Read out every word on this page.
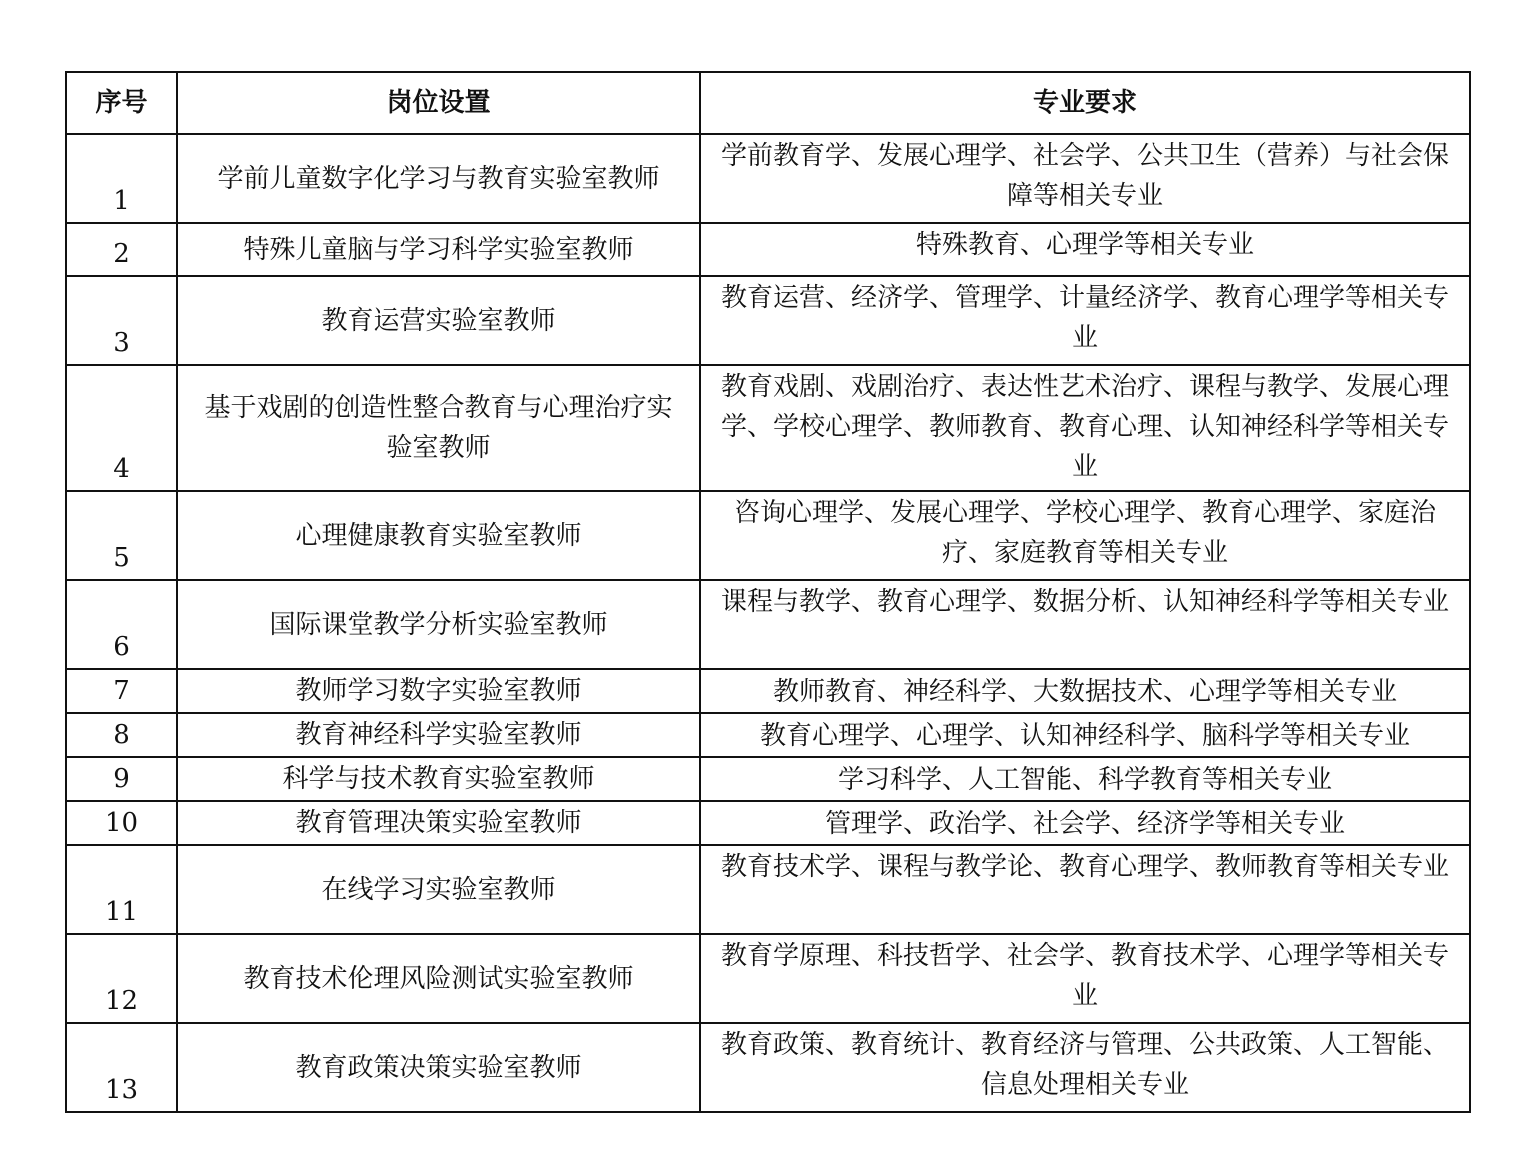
序号	岗位设置	专业要求
1	学前儿童数字化学习与教育实验室教师	学前教育学、发展心理学、社会学、公共卫生（营养）与社会保障等相关专业
2	特殊儿童脑与学习科学实验室教师	特殊教育、心理学等相关专业
3	教育运营实验室教师	教育运营、经济学、管理学、计量经济学、教育心理学等相关专业
4	基于戏剧的创造性整合教育与心理治疗实验室教师	教育戏剧、戏剧治疗、表达性艺术治疗、课程与教学、发展心理学、学校心理学、教师教育、教育心理、认知神经科学等相关专业
5	心理健康教育实验室教师	咨询心理学、发展心理学、学校心理学、教育心理学、家庭治疗、家庭教育等相关专业
6	国际课堂教学分析实验室教师	课程与教学、教育心理学、数据分析、认知神经科学等相关专业
7	教师学习数字实验室教师	教师教育、神经科学、大数据技术、心理学等相关专业
8	教育神经科学实验室教师	教育心理学、心理学、认知神经科学、脑科学等相关专业
9	科学与技术教育实验室教师	学习科学、人工智能、科学教育等相关专业
10	教育管理决策实验室教师	管理学、政治学、社会学、经济学等相关专业
11	在线学习实验室教师	教育技术学、课程与教学论、教育心理学、教师教育等相关专业
12	教育技术伦理风险测试实验室教师	教育学原理、科技哲学、社会学、教育技术学、心理学等相关专业
13	教育政策决策实验室教师	教育政策、教育统计、教育经济与管理、公共政策、人工智能、信息处理相关专业
